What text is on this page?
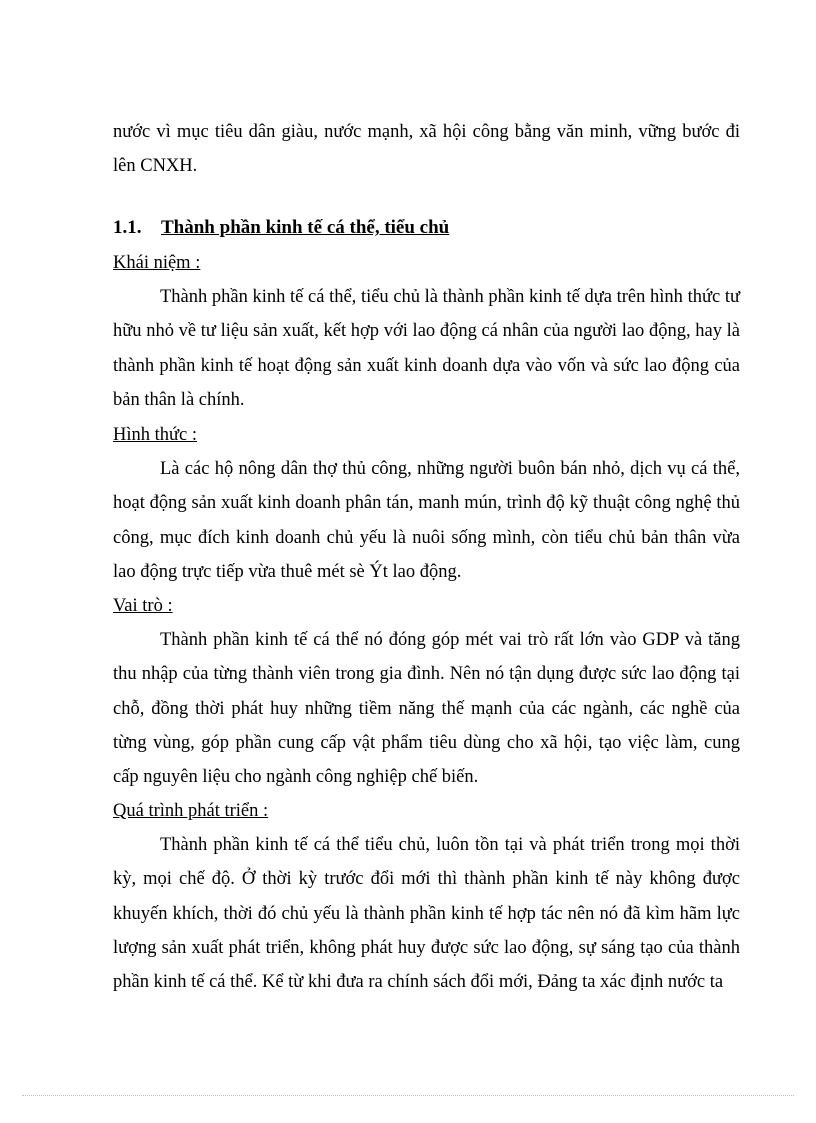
nước vì mục tiêu dân giàu, nước mạnh, xã hội công bằng văn minh, vững bước đi lên CNXH.

1.1. Thành phần kinh tế cá thể, tiểu chủ

Khái niệm :

Thành phần kinh tế cá thể, tiểu chủ là thành phần kinh tế dựa trên hình thức tư hữu nhỏ về tư liệu sản xuất, kết hợp với lao động cá nhân của người lao động, hay là thành phần kinh tế hoạt động sản xuất kinh doanh dựa vào vốn và sức lao động của bản thân là chính.

Hình thức :

Là các hộ nông dân thợ thủ công, những người buôn bán nhỏ, dịch vụ cá thể, hoạt động sản xuất kinh doanh phân tán, manh mún, trình độ kỹ thuật công nghệ thủ công, mục đích kinh doanh chủ yếu là nuôi sống mình, còn tiểu chủ bản thân vừa lao động trực tiếp vừa thuê mét sè Ýt lao động.

Vai trò :

Thành phần kinh tế cá thể nó đóng góp mét vai trò rất lớn vào GDP và tăng thu nhập của từng thành viên trong gia đình. Nên nó tận dụng được sức lao động tại chỗ, đồng thời phát huy những tiềm năng thế mạnh của các ngành, các nghề của từng vùng, góp phần cung cấp vật phẩm tiêu dùng cho xã hội, tạo việc làm, cung cấp nguyên liệu cho ngành công nghiệp chế biến.

Quá trình phát triển :

Thành phần kinh tế cá thể tiểu chủ, luôn tồn tại và phát triển trong mọi thời kỳ, mọi chế độ. Ở thời kỳ trước đổi mới thì thành phần kinh tế này không được khuyến khích, thời đó chủ yếu là thành phần kinh tế hợp tác nên nó đã kìm hãm lực lượng sản xuất phát triển, không phát huy được sức lao động, sự sáng tạo của thành phần kinh tế cá thể. Kể từ khi đưa ra chính sách đổi mới, Đảng ta xác định nước ta
